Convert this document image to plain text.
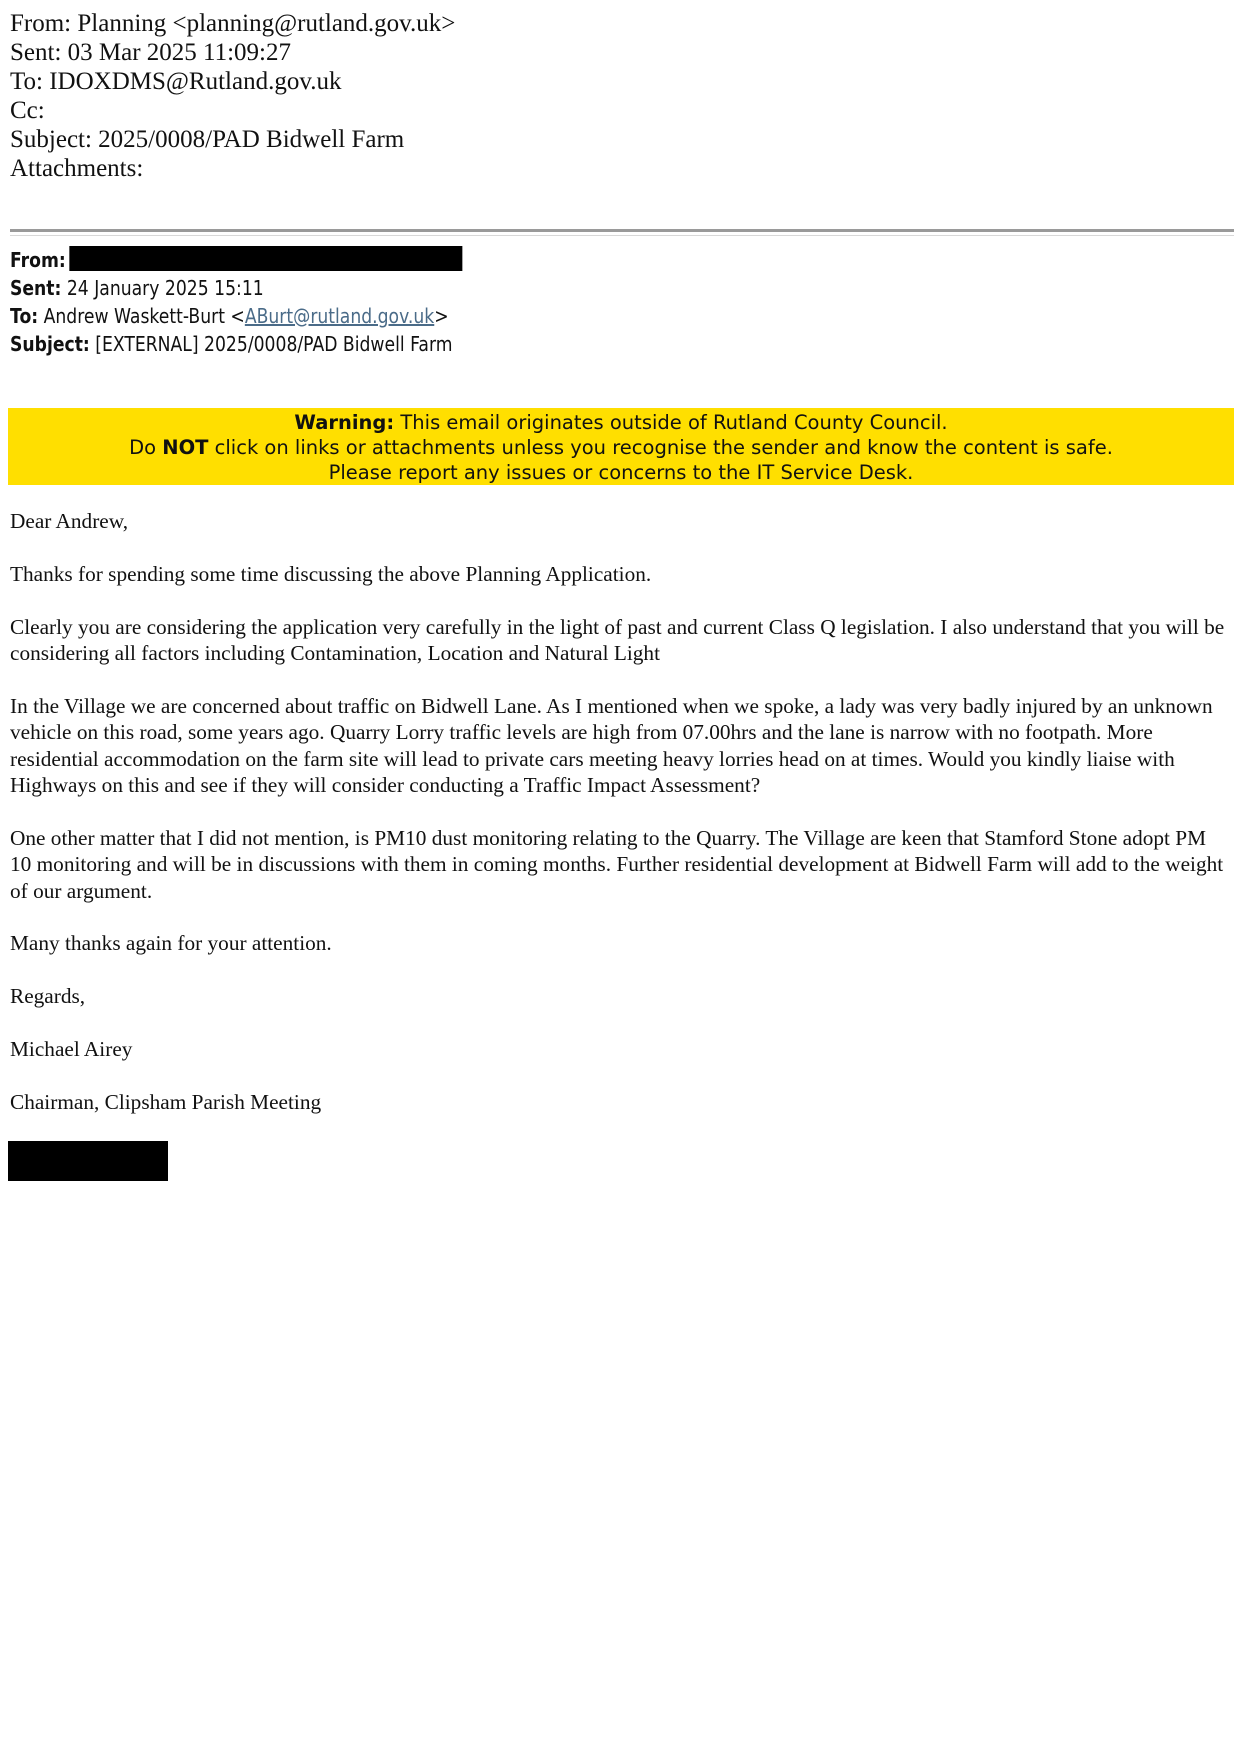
From: Planning <planning@rutland.gov.uk>
Sent: 03 Mar 2025 11:09:27
To: IDOXDMS@Rutland.gov.uk
Cc:
Subject: 2025/0008/PAD Bidwell Farm
Attachments:
From:
Sent: 24 January 2025 15:11
To: Andrew Waskett-Burt <ABurt@rutland.gov.uk>
Subject: [EXTERNAL] 2025/0008/PAD Bidwell Farm
Warning: This email originates outside of Rutland County Council.
Do NOT click on links or attachments unless you recognise the sender and know the content is safe.
Please report any issues or concerns to the IT Service Desk.

Dear Andrew,

Thanks for spending some time discussing the above Planning Application.

Clearly you are considering the application very carefully in the light of past and current Class Q legislation. I also understand that you will be considering all factors including Contamination, Location and Natural Light

In the Village we are concerned about traffic on Bidwell Lane. As I mentioned when we spoke, a lady was very badly injured by an unknown vehicle on this road, some years ago. Quarry Lorry traffic levels are high from 07.00hrs and the lane is narrow with no footpath. More residential accommodation on the farm site will lead to private cars meeting heavy lorries head on at times. Would you kindly liaise with Highways on this and see if they will consider conducting a Traffic Impact Assessment?

One other matter that I did not mention, is PM10 dust monitoring relating to the Quarry. The Village are keen that Stamford Stone adopt PM 10 monitoring and will be in discussions with them in coming months. Further residential development at Bidwell Farm will add to the weight of our argument.

Many thanks again for your attention.

Regards,

Michael Airey

Chairman, Clipsham Parish Meeting
